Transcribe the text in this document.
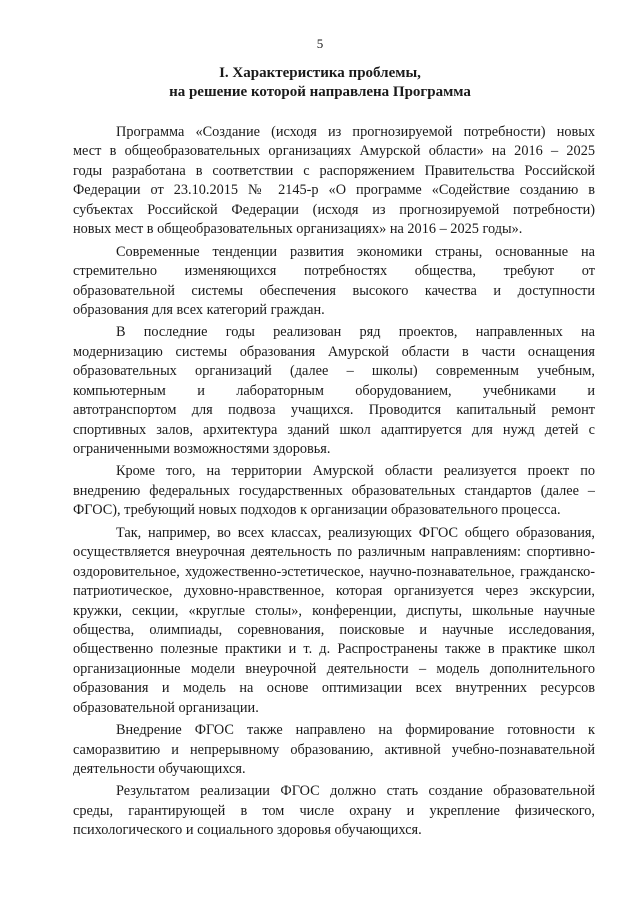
5
I. Характеристика проблемы,
на решение которой направлена Программа
Программа «Создание (исходя из прогнозируемой потребности) новых
мест в общеобразовательных организациях Амурской области» на 2016 – 2025
годы разработана в соответствии с распоряжением Правительства Российской
Федерации от 23.10.2015 № 2145-р «О программе «Содействие созданию в
субъектах Российской Федерации (исходя из прогнозируемой потребности)
новых мест в общеобразовательных организациях» на 2016 – 2025 годы».
Современные тенденции развития экономики страны, основанные на
стремительно изменяющихся потребностях общества, требуют от
образовательной системы обеспечения высокого качества и доступности
образования для всех категорий граждан.
В последние годы реализован ряд проектов, направленных на
модернизацию системы образования Амурской области в части оснащения
образовательных организаций (далее – школы) современным учебным,
компьютерным и лабораторным оборудованием, учебниками и
автотранспортом для подвоза учащихся. Проводится капитальный ремонт
спортивных залов, архитектура зданий школ адаптируется для нужд детей с
ограниченными возможностями здоровья.
Кроме того, на территории Амурской области реализуется проект по
внедрению федеральных государственных образовательных стандартов (далее –
ФГОС), требующий новых подходов к организации образовательного процесса.
Так, например, во всех классах, реализующих ФГОС общего образования,
осуществляется внеурочная деятельность по различным направлениям: спортивно-
оздоровительное, художественно-эстетическое, научно-познавательное, гражданско-
патриотическое, духовно-нравственное, которая организуется через экскурсии,
кружки, секции, «круглые столы», конференции, диспуты, школьные научные
общества, олимпиады, соревнования, поисковые и научные исследования,
общественно полезные практики и т. д. Распространены также в практике школ
организационные модели внеурочной деятельности – модель дополнительного
образования и модель на основе оптимизации всех внутренних ресурсов
образовательной организации.
Внедрение ФГОС также направлено на формирование готовности к
саморазвитию и непрерывному образованию, активной учебно-познавательной
деятельности обучающихся.
Результатом реализации ФГОС должно стать создание образовательной
среды, гарантирующей в том числе охрану и укрепление физического,
психологического и социального здоровья обучающихся.
